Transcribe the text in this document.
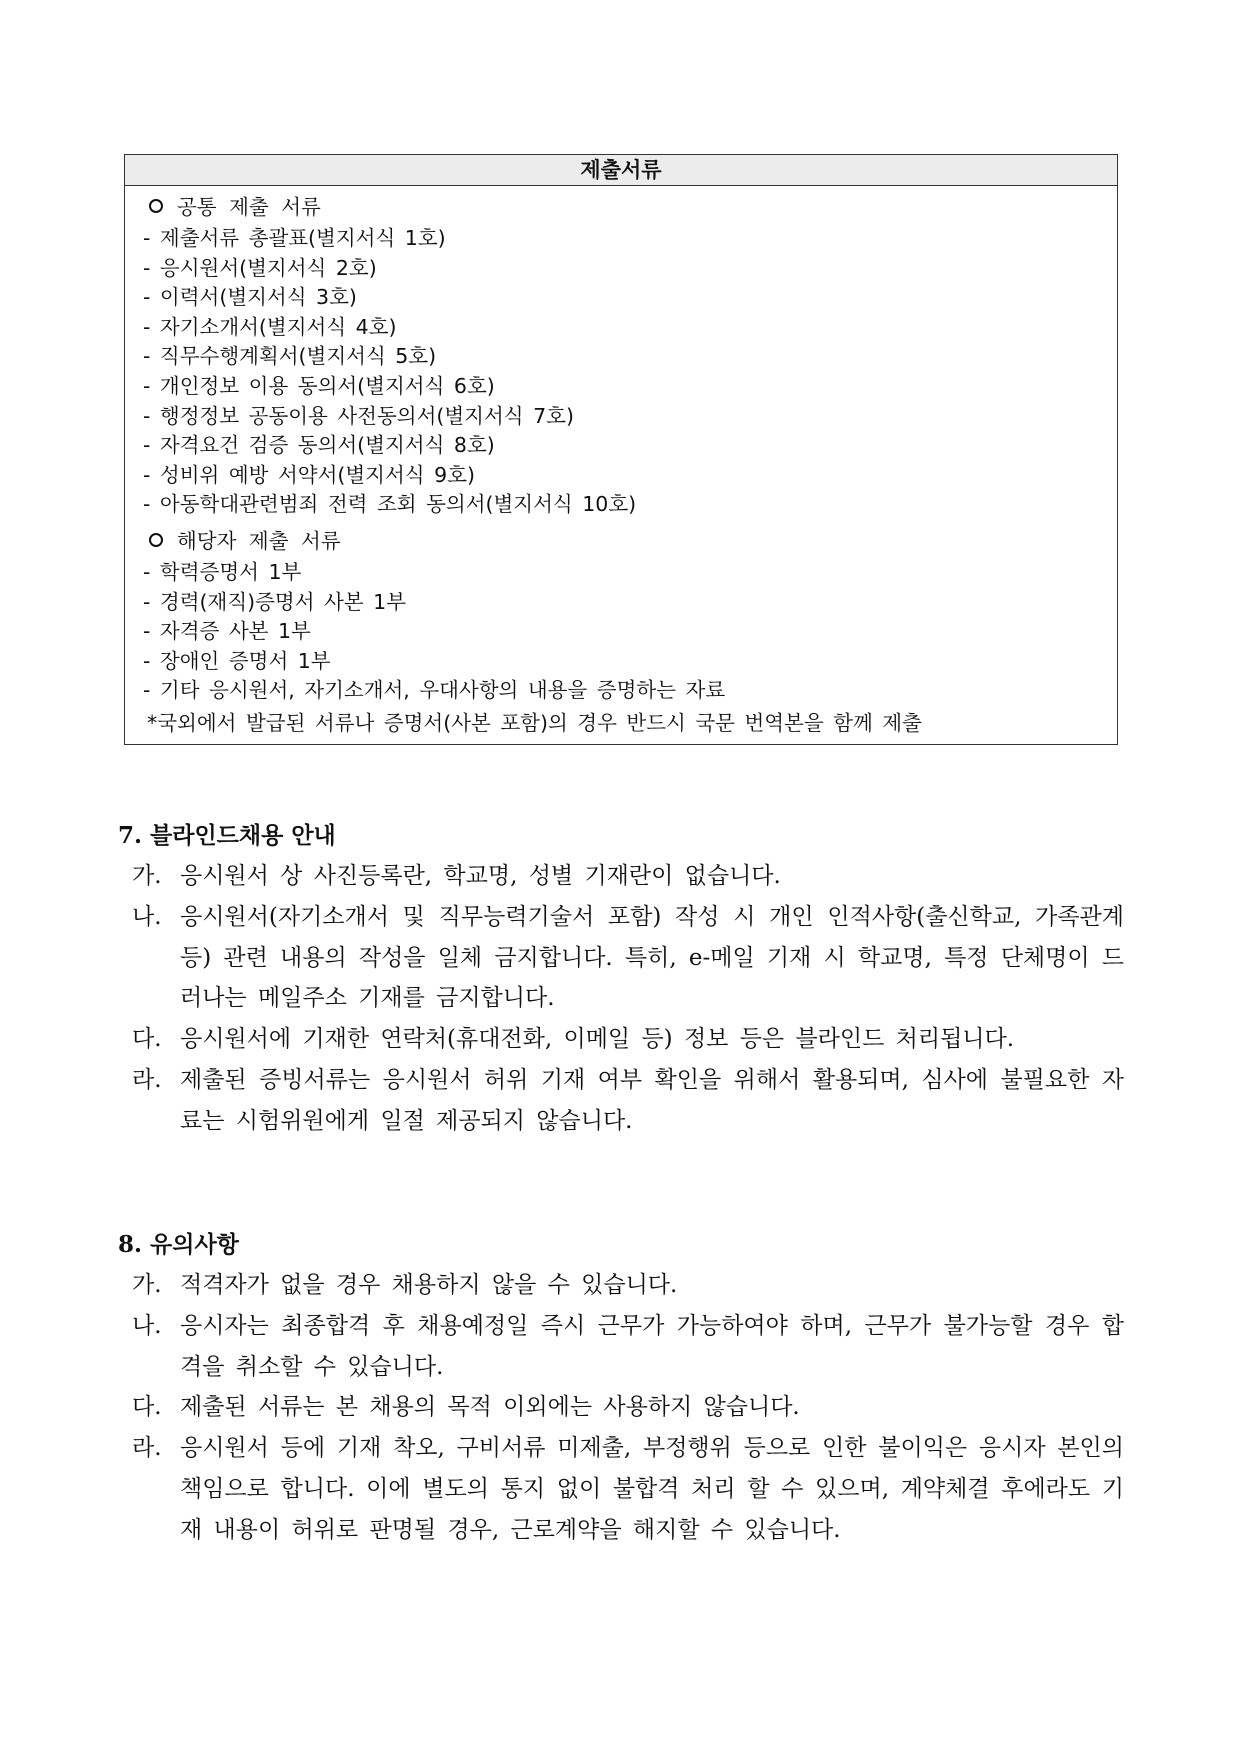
제출서류
공통 제출 서류
- 제출서류 총괄표(별지서식 1호)
- 응시원서(별지서식 2호)
- 이력서(별지서식 3호)
- 자기소개서(별지서식 4호)
- 직무수행계획서(별지서식 5호)
- 개인정보 이용 동의서(별지서식 6호)
- 행정정보 공동이용 사전동의서(별지서식 7호)
- 자격요건 검증 동의서(별지서식 8호)
- 성비위 예방 서약서(별지서식 9호)
- 아동학대관련범죄 전력 조회 동의서(별지서식 10호)
해당자 제출 서류
- 학력증명서 1부
- 경력(재직)증명서 사본 1부
- 자격증 사본 1부
- 장애인 증명서 1부
- 기타 응시원서, 자기소개서, 우대사항의 내용을 증명하는 자료
*국외에서 발급된 서류나 증명서(사본 포함)의 경우 반드시 국문 번역본을 함께 제출
7. 블라인드채용 안내
가. 응시원서 상 사진등록란, 학교명, 성별 기재란이 없습니다.
나. 응시원서(자기소개서 및 직무능력기술서 포함) 작성 시 개인 인적사항(출신학교, 가족관계 등) 관련 내용의 작성을 일체 금지합니다. 특히, e-메일 기재 시 학교명, 특정 단체명이 드러나는 메일주소 기재를 금지합니다.
다. 응시원서에 기재한 연락처(휴대전화, 이메일 등) 정보 등은 블라인드 처리됩니다.
라. 제출된 증빙서류는 응시원서 허위 기재 여부 확인을 위해서 활용되며, 심사에 불필요한 자료는 시험위원에게 일절 제공되지 않습니다.
8. 유의사항
가. 적격자가 없을 경우 채용하지 않을 수 있습니다.
나. 응시자는 최종합격 후 채용예정일 즉시 근무가 가능하여야 하며, 근무가 불가능할 경우 합격을 취소할 수 있습니다.
다. 제출된 서류는 본 채용의 목적 이외에는 사용하지 않습니다.
라. 응시원서 등에 기재 착오, 구비서류 미제출, 부정행위 등으로 인한 불이익은 응시자 본인의 책임으로 합니다. 이에 별도의 통지 없이 불합격 처리 할 수 있으며, 계약체결 후에라도 기재 내용이 허위로 판명될 경우, 근로계약을 해지할 수 있습니다.
